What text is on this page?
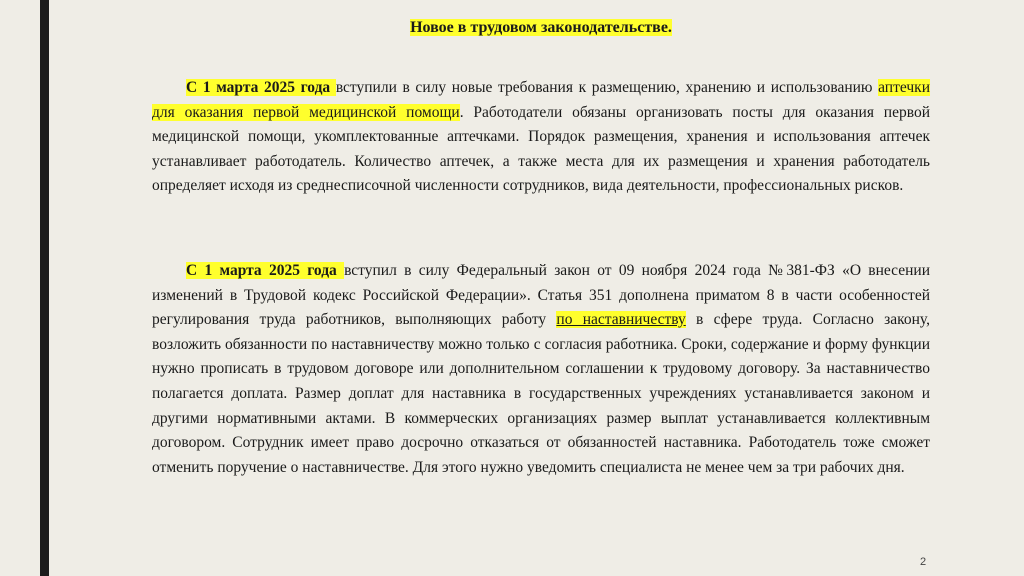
Новое в трудовом законодательстве.

С 1 марта 2025 года вступили в силу новые требования к размещению, хранению и использованию аптечки для оказания первой медицинской помощи. Работодатели обязаны организовать посты для оказания первой медицинской помощи, укомплектованные аптечками. Порядок размещения, хранения и использования аптечек устанавливает работодатель. Количество аптечек, а также места для их размещения и хранения работодатель определяет исходя из среднесписочной численности сотрудников, вида деятельности, профессиональных рисков.

С 1 марта 2025 года вступил в силу Федеральный закон от 09 ноября 2024 года №381-ФЗ «О внесении изменений в Трудовой кодекс Российской Федерации». Статья 351 дополнена приматом 8 в части особенностей регулирования труда работников, выполняющих работу по наставничеству в сфере труда. Согласно закону, возложить обязанности по наставничеству можно только с согласия работника. Сроки, содержание и форму функции нужно прописать в трудовом договоре или дополнительном соглашении к трудовому договору. За наставничество полагается доплата. Размер доплат для наставника в государственных учреждениях устанавливается законом и другими нормативными актами. В коммерческих организациях размер выплат устанавливается коллективным договором. Сотрудник имеет право досрочно отказаться от обязанностей наставника. Работодатель тоже сможет отменить поручение о наставничестве. Для этого нужно уведомить специалиста не менее чем за три рабочих дня.

2
